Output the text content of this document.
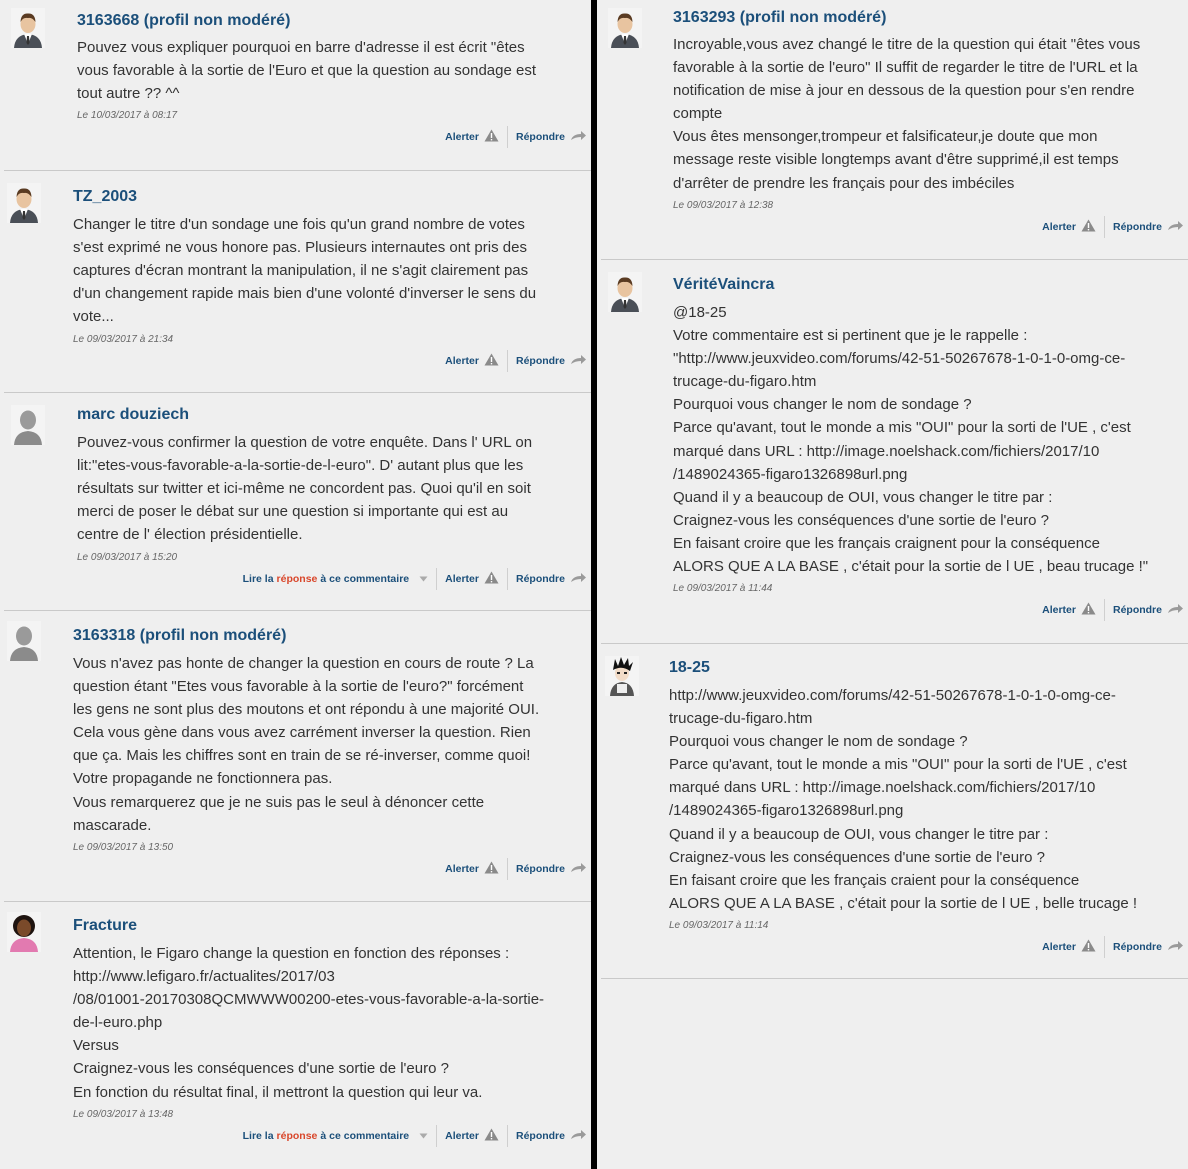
3163668 (profil non modéré)
Pouvez vous expliquer pourquoi en barre d'adresse il est écrit "êtes
vous favorable à la sortie de l'Euro et que la question au sondage est
tout autre ?? ^^
Le 10/03/2017 à 08:17
Alerter	Répondre
TZ_2003
Changer le titre d'un sondage une fois qu'un grand nombre de votes
s'est exprimé ne vous honore pas. Plusieurs internautes ont pris des
captures d'écran montrant la manipulation, il ne s'agit clairement pas
d'un changement rapide mais bien d'une volonté d'inverser le sens du
vote...
Le 09/03/2017 à 21:34
Alerter	Répondre
marc douziech
Pouvez-vous confirmer la question de votre enquête. Dans l' URL on
lit:"etes-vous-favorable-a-la-sortie-de-l-euro". D' autant plus que les
résultats sur twitter et ici-même ne concordent pas. Quoi qu'il en soit
merci de poser le débat sur une question si importante qui est au
centre de l' élection présidentielle.
Le 09/03/2017 à 15:20
Lire la réponse à ce commentaire	Alerter	Répondre
3163318 (profil non modéré)
Vous n'avez pas honte de changer la question en cours de route ? La
question étant "Etes vous favorable à la sortie de l'euro?" forcément
les gens ne sont plus des moutons et ont répondu à une majorité OUI.
Cela vous gène dans vous avez carrément inverser la question. Rien
que ça. Mais les chiffres sont en train de se ré-inverser, comme quoi!
Votre propagande ne fonctionnera pas.
Vous remarquerez que je ne suis pas le seul à dénoncer cette
mascarade.
Le 09/03/2017 à 13:50
Alerter	Répondre
Fracture
Attention, le Figaro change la question en fonction des réponses :
http://www.lefigaro.fr/actualites/2017/03
/08/01001-20170308QCMWWW00200-etes-vous-favorable-a-la-sortie-
de-l-euro.php
Versus
Craignez-vous les conséquences d'une sortie de l'euro ?
En fonction du résultat final, il mettront la question qui leur va.
Le 09/03/2017 à 13:48
Lire la réponse à ce commentaire	Alerter	Répondre
3163293 (profil non modéré)
Incroyable,vous avez changé le titre de la question qui était "êtes vous
favorable à la sortie de l'euro" Il suffit de regarder le titre de l'URL et la
notification de mise à jour en dessous de la question pour s'en rendre
compte
Vous êtes mensonger,trompeur et falsificateur,je doute que mon
message reste visible longtemps avant d'être supprimé,il est temps
d'arrêter de prendre les français pour des imbéciles
Le 09/03/2017 à 12:38
Alerter	Répondre
VéritéVaincra
@18-25
Votre commentaire est si pertinent que je le rappelle :
"http://www.jeuxvideo.com/forums/42-51-50267678-1-0-1-0-omg-ce-
trucage-du-figaro.htm
Pourquoi vous changer le nom de sondage ?
Parce qu'avant, tout le monde a mis "OUI" pour la sorti de l'UE , c'est
marqué dans URL : http://image.noelshack.com/fichiers/2017/10
/1489024365-figaro1326898url.png
Quand il y a beaucoup de OUI, vous changer le titre par :
Craignez-vous les conséquences d'une sortie de l'euro ?
En faisant croire que les français craignent pour la conséquence
ALORS QUE A LA BASE , c'était pour la sortie de l UE , beau trucage !"
Le 09/03/2017 à 11:44
Alerter	Répondre
18-25
http://www.jeuxvideo.com/forums/42-51-50267678-1-0-1-0-omg-ce-
trucage-du-figaro.htm
Pourquoi vous changer le nom de sondage ?
Parce qu'avant, tout le monde a mis "OUI" pour la sorti de l'UE , c'est
marqué dans URL : http://image.noelshack.com/fichiers/2017/10
/1489024365-figaro1326898url.png
Quand il y a beaucoup de OUI, vous changer le titre par :
Craignez-vous les conséquences d'une sortie de l'euro ?
En faisant croire que les français craient pour la conséquence
ALORS QUE A LA BASE , c'était pour la sortie de l UE , belle trucage !
Le 09/03/2017 à 11:14
Alerter	Répondre
